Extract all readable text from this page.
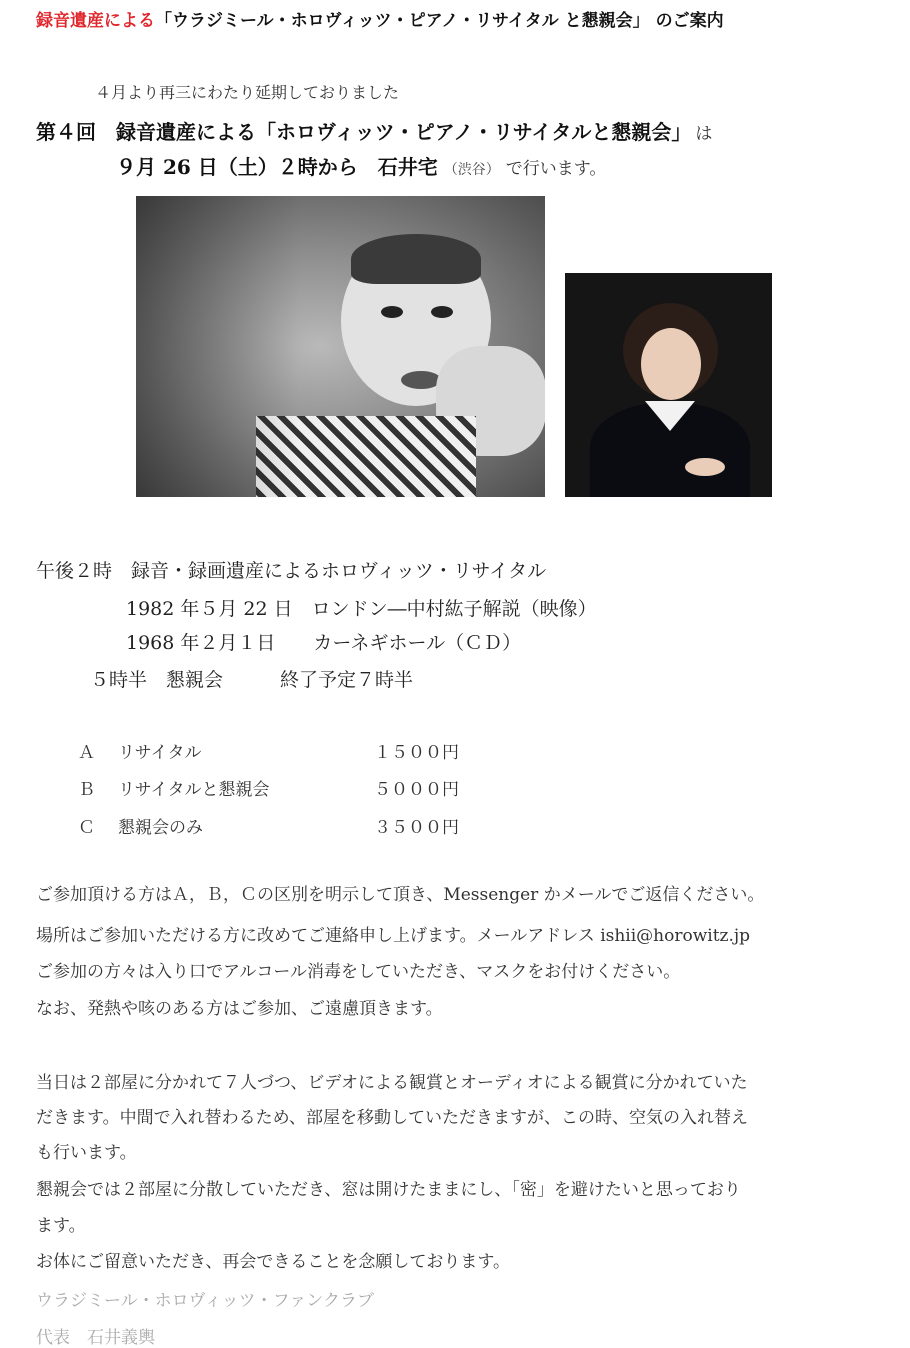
録音遺産による「ウラジミール・ホロヴィッツ・ピアノ・リサイタル と懇親会」 のご案内
４月より再三にわたり延期しておりました
第４回　録音遺産による「ホロヴィッツ・ピアノ・リサイタルと懇親会」 は
９月 26 日（土）２時から　石井宅 （渋谷） で行います。
午後２時　録音・録画遺産によるホロヴィッツ・リサイタル
1982 年５月 22 日　ロンドン―中村紘子解説（映像）
1968 年２月１日　　カーネギホール（ＣＤ）
５時半　懇親会　　　終了予定７時半
Ａ リサイタル	１５００円
Ｂ リサイタルと懇親会	５０００円
Ｃ 懇親会のみ	３５００円
ご参加頂ける方はＡ，Ｂ，Ｃの区別を明示して頂き、Messenger かメールでご返信ください。
場所はご参加いただける方に改めてご連絡申し上げます。メールアドレス ishii@horowitz.jp
ご参加の方々は入り口でアルコール消毒をしていただき、マスクをお付けください。
なお、発熱や咳のある方はご参加、ご遠慮頂きます。
当日は２部屋に分かれて７人づつ、ビデオによる観賞とオーディオによる観賞に分かれていた
だきます。中間で入れ替わるため、部屋を移動していただきますが、この時、空気の入れ替え
も行います。
懇親会では２部屋に分散していただき、窓は開けたままにし、「密」を避けたいと思っており
ます。
お体にご留意いただき、再会できることを念願しております。
ウラジミール・ホロヴィッツ・ファンクラブ
代表　石井義輿
